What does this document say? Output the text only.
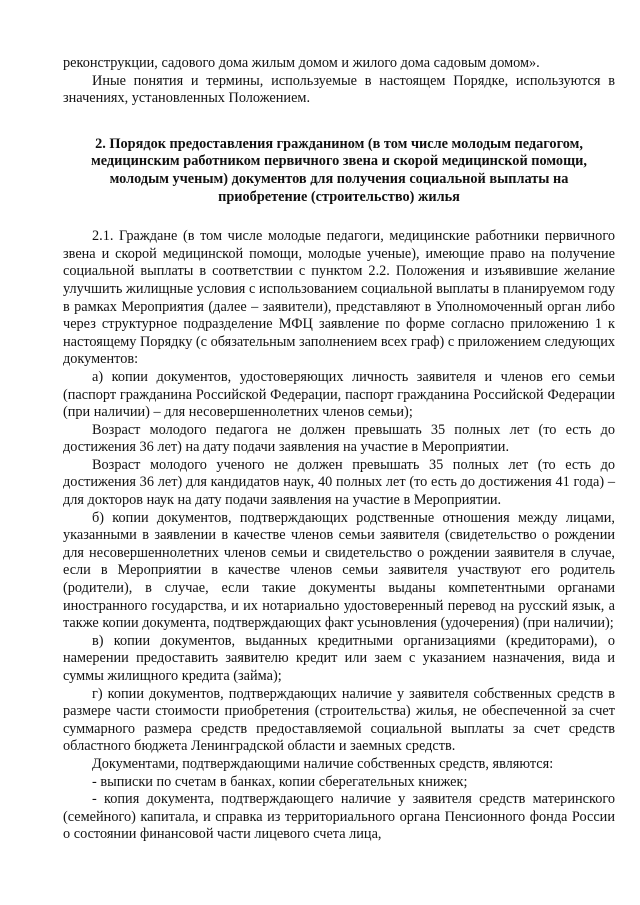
реконструкции, садового дома жилым домом и жилого дома садовым домом».

Иные понятия и термины, используемые в настоящем Порядке, используются в значениях, установленных Положением.

2. Порядок предоставления гражданином (в том числе молодым педагогом, медицинским работником первичного звена и скорой медицинской помощи, молодым ученым) документов для получения социальной выплаты на приобретение (строительство) жилья

2.1. Граждане (в том числе молодые педагоги, медицинские работники первичного звена и скорой медицинской помощи, молодые ученые), имеющие право на получение социальной выплаты в соответствии с пунктом 2.2. Положения и изъявившие желание улучшить жилищные условия с использованием социальной выплаты в планируемом году в рамках Мероприятия (далее – заявители), представляют в Уполномоченный орган либо через структурное подразделение МФЦ заявление по форме согласно приложению 1 к настоящему Порядку (с обязательным заполнением всех граф) с приложением следующих документов:

а) копии документов, удостоверяющих личность заявителя и членов его семьи (паспорт гражданина Российской Федерации, паспорт гражданина Российской Федерации (при наличии) – для несовершеннолетних членов семьи);

Возраст молодого педагога не должен превышать 35 полных лет (то есть до достижения 36 лет) на дату подачи заявления на участие в Мероприятии.

Возраст молодого ученого не должен превышать 35 полных лет (то есть до достижения 36 лет) для кандидатов наук, 40 полных лет (то есть до достижения 41 года) – для докторов наук на дату подачи заявления на участие в Мероприятии.

б) копии документов, подтверждающих родственные отношения между лицами, указанными в заявлении в качестве членов семьи заявителя (свидетельство о рождении для несовершеннолетних членов семьи и свидетельство о рождении заявителя в случае, если в Мероприятии в качестве членов семьи заявителя участвуют его родитель (родители), в случае, если такие документы выданы компетентными органами иностранного государства, и их нотариально удостоверенный перевод на русский язык, а также копии документа, подтверждающих факт усыновления (удочерения) (при наличии);

в) копии документов, выданных кредитными организациями (кредиторами), о намерении предоставить заявителю кредит или заем с указанием назначения, вида и суммы жилищного кредита (займа);

г) копии документов, подтверждающих наличие у заявителя собственных средств в размере части стоимости приобретения (строительства) жилья, не обеспеченной за счет суммарного размера средств предоставляемой социальной выплаты за счет средств областного бюджета Ленинградской области и заемных средств.

Документами, подтверждающими наличие собственных средств, являются:

- выписки по счетам в банках, копии сберегательных книжек;

- копия документа, подтверждающего наличие у заявителя средств материнского (семейного) капитала, и справка из территориального органа Пенсионного фонда России о состоянии финансовой части лицевого счета лица,
